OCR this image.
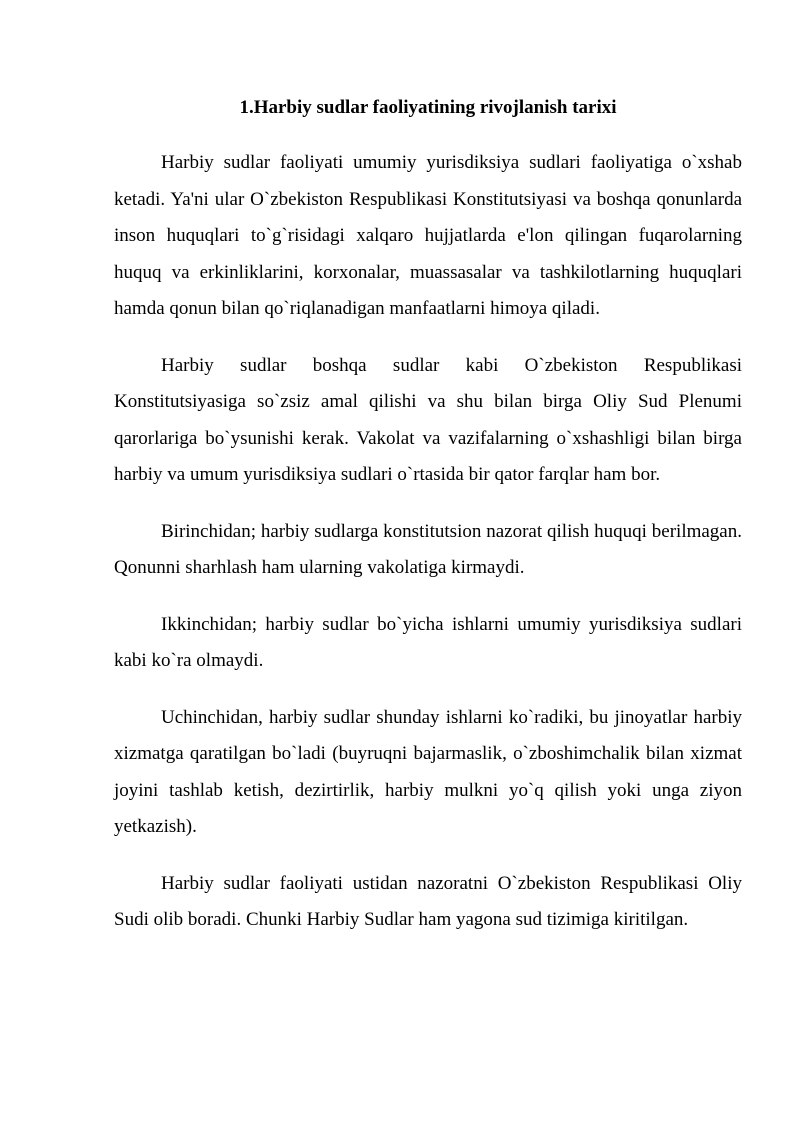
1.Harbiy sudlar faoliyatining rivojlanish tarixi

Harbiy sudlar faoliyati umumiy yurisdiksiya sudlari faoliyatiga o`xshab ketadi. Ya'ni ular O`zbekiston Respublikasi Konstitutsiyasi va boshqa qonunlarda inson huquqlari to`g`risidagi xalqaro hujjatlarda e'lon qilingan fuqarolarning huquq va erkinliklarini, korxonalar, muassasalar va tashkilotlarning huquqlari hamda qonun bilan qo`riqlanadigan manfaatlarni himoya qiladi.

Harbiy sudlar boshqa sudlar kabi O`zbekiston Respublikasi Konstitutsiyasiga so`zsiz amal qilishi va shu bilan birga Oliy Sud Plenumi qarorlariga bo`ysunishi kerak. Vakolat va vazifalarning o`xshashligi bilan birga harbiy va umum yurisdiksiya sudlari o`rtasida bir qator farqlar ham bor.

Birinchidan; harbiy sudlarga konstitutsion nazorat qilish huquqi berilmagan. Qonunni sharhlash ham ularning vakolatiga kirmaydi.

Ikkinchidan; harbiy sudlar bo`yicha ishlarni umumiy yurisdiksiya sudlari kabi ko`ra olmaydi.

Uchinchidan, harbiy sudlar shunday ishlarni ko`radiki, bu jinoyatlar harbiy xizmatga qaratilgan bo`ladi (buyruqni bajarmaslik, o`zboshimchalik bilan xizmat joyini tashlab ketish, dezirtirlik, harbiy mulkni yo`q qilish yoki unga ziyon yetkazish).

Harbiy sudlar faoliyati ustidan nazoratni O`zbekiston Respublikasi Oliy Sudi olib boradi. Chunki Harbiy Sudlar ham yagona sud tizimiga kiritilgan.
